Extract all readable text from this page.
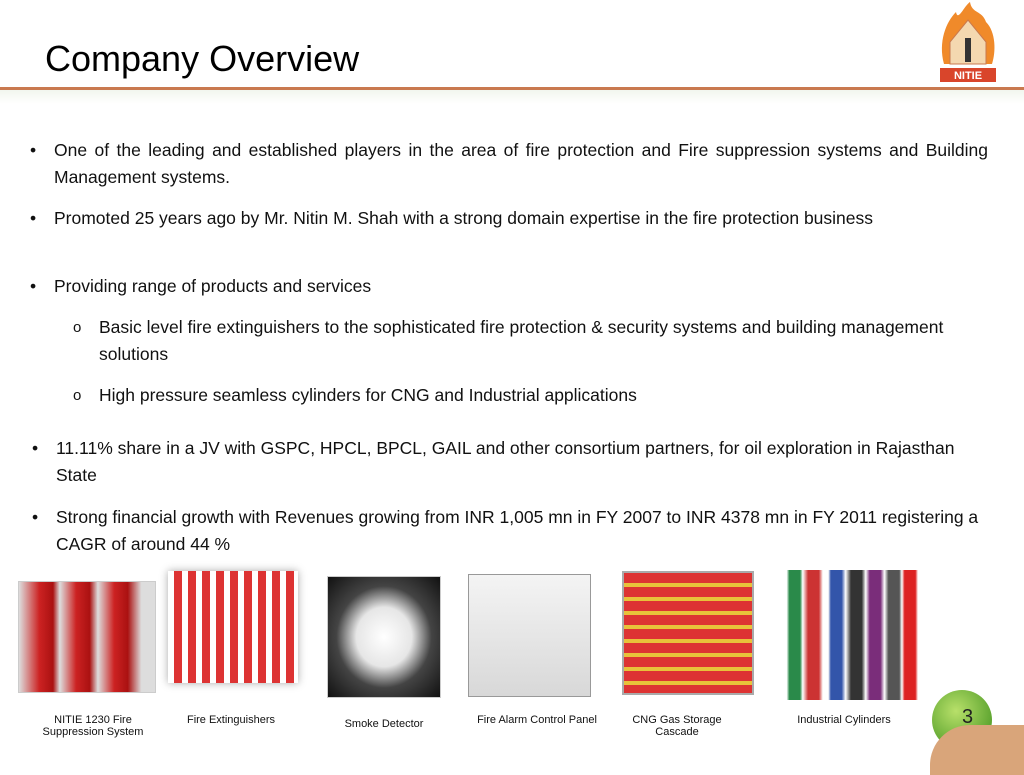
Company Overview	NITIE
• One of the leading and established players in the area of fire protection and Fire suppression systems and Building Management systems.
• Promoted 25 years ago by Mr. Nitin M. Shah with a strong domain expertise in the fire protection business
• Providing range of products and services
o Basic level fire extinguishers to the sophisticated fire protection & security systems and building management solutions
o High pressure seamless cylinders for CNG and Industrial applications
• 11.11% share in a JV with GSPC, HPCL, BPCL, GAIL and other consortium partners, for oil exploration in Rajasthan State
• Strong financial growth with Revenues growing from INR 1,005 mn in FY 2007 to INR 4378 mn in FY 2011 registering a CAGR of around 44 %
NITIE 1230 Fire Suppression System
Fire Extinguishers	Smoke Detector	Fire Alarm Control Panel	CNG Gas Storage Cascade
Industrial Cylinders	3
